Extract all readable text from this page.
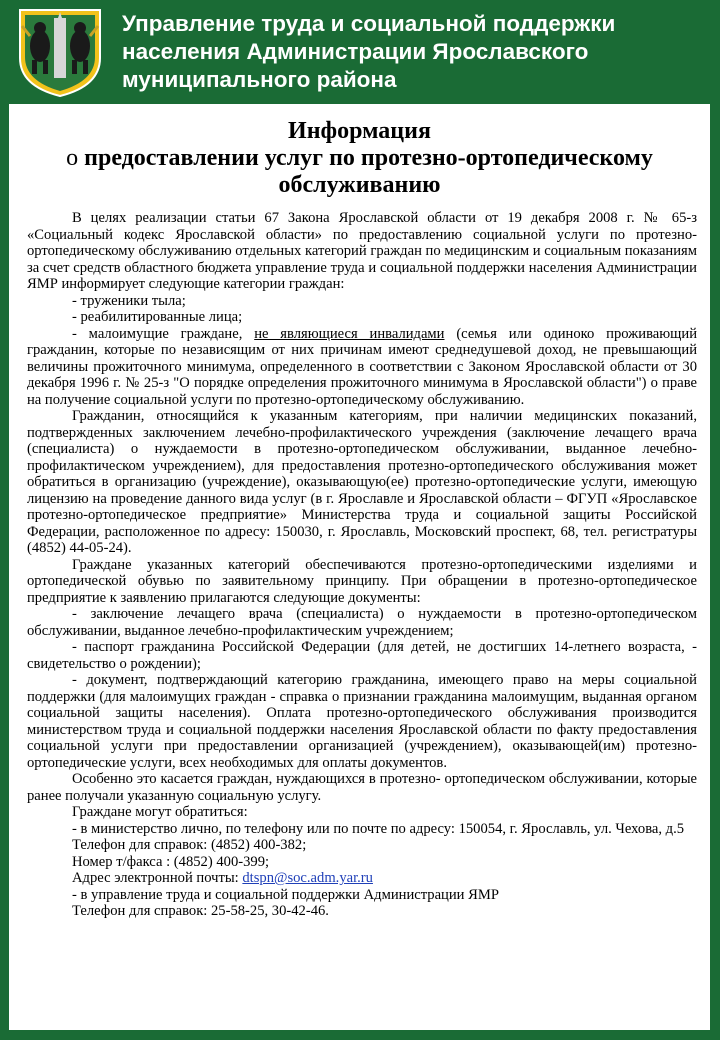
Управление труда и социальной поддержки
населения Администрации Ярославского
муниципального района
Информация
о предоставлении услуг по протезно-ортопедическому
обслуживанию

В целях реализации статьи 67 Закона Ярославской области от 19 декабря 2008 г. № 65-з «Социальный кодекс Ярославской области» по предоставлению социальной услуги по протезно-ортопедическому обслуживанию отдельных категорий граждан по медицинским и социальным показаниям за счет средств областного бюджета управление труда и социальной поддержки населения Администрации ЯМР информирует следующие категории граждан:

- труженики тыла;

- реабилитированные лица;

- малоимущие граждане, не являющиеся инвалидами (семья или одиноко проживающий гражданин, которые по независящим от них причинам имеют среднедушевой доход, не превышающий величины прожиточного минимума, определенного в соответствии с Законом Ярославской области от 30 декабря 1996 г. № 25-з "О порядке определения прожиточного минимума в Ярославской области") о праве на получение социальной услуги по протезно-ортопедическому обслуживанию.

Гражданин, относящийся к указанным категориям, при наличии медицинских показаний, подтвержденных заключением лечебно-профилактического учреждения (заключение лечащего врача (специалиста) о нуждаемости в протезно-ортопедическом обслуживании, выданное лечебно-профилактическом учреждением), для предоставления протезно-ортопедического обслуживания может обратиться в организацию (учреждение), оказывающую(ее) протезно-ортопедические услуги, имеющую лицензию на проведение данного вида услуг (в г. Ярославле и Ярославской области – ФГУП «Ярославское протезно-ортопедическое предприятие» Министерства труда и социальной защиты Российской Федерации, расположенное по адресу: 150030, г. Ярославль, Московский проспект, 68, тел. регистратуры (4852) 44-05-24).

Граждане указанных категорий обеспечиваются протезно-ортопедическими изделиями и ортопедической обувью по заявительному принципу. При обращении в протезно-ортопедическое предприятие к заявлению прилагаются следующие документы:

- заключение лечащего врача (специалиста) о нуждаемости в протезно-ортопедическом обслуживании, выданное лечебно-профилактическим учреждением;

- паспорт гражданина Российской Федерации (для детей, не достигших 14-летнего возраста, - свидетельство о рождении);

- документ, подтверждающий категорию гражданина, имеющего право на меры социальной поддержки (для малоимущих граждан - справка о признании гражданина малоимущим, выданная органом социальной защиты населения). Оплата протезно-ортопедического обслуживания производится министерством труда и социальной поддержки населения Ярославской области по факту предоставления социальной услуги при предоставлении организацией (учреждением), оказывающей(им) протезно-ортопедические услуги, всех необходимых для оплаты документов.

Особенно это касается граждан, нуждающихся в протезно- ортопедическом обслуживании, которые ранее получали указанную социальную услугу.

Граждане могут обратиться:

- в министерство лично, по телефону или по почте по адресу: 150054, г. Ярославль, ул. Чехова, д.5

Телефон для справок: (4852) 400-382;

Номер т/факса : (4852) 400-399;

Адрес электронной почты: dtspn@soc.adm.yar.ru

- в управление труда и социальной поддержки Администрации ЯМР

Телефон для справок: 25-58-25, 30-42-46.
